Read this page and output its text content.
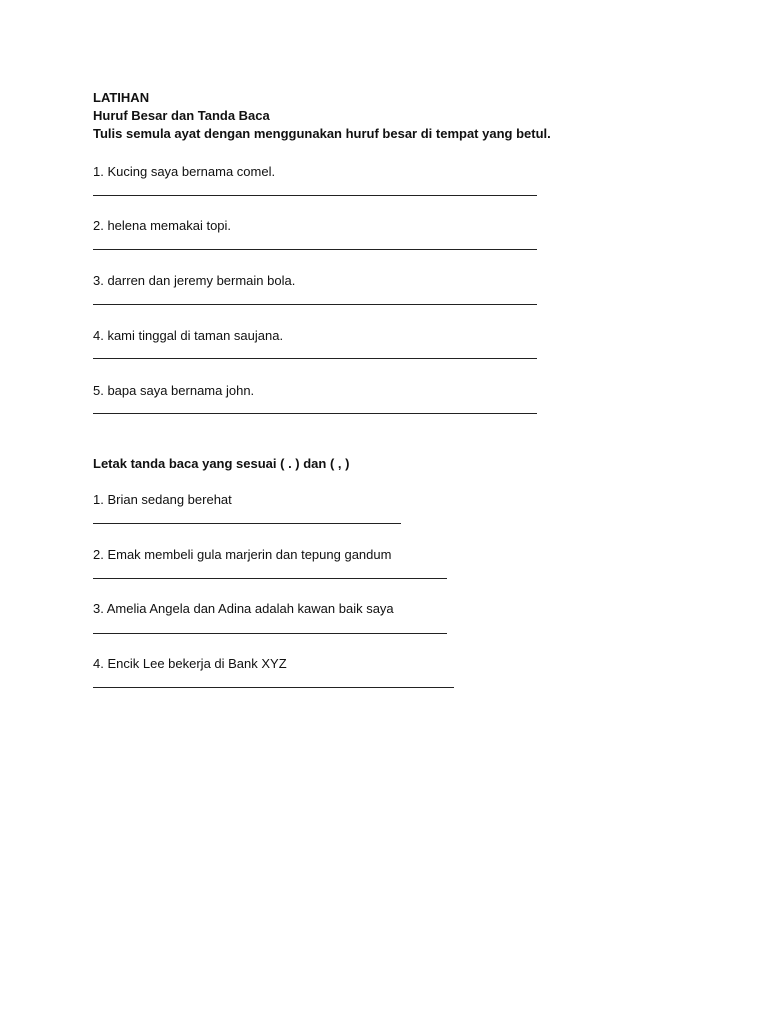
LATIHAN
Huruf Besar dan Tanda Baca
Tulis semula ayat dengan menggunakan huruf besar di tempat yang betul.
1. Kucing saya bernama comel.
2. helena memakai topi.
3. darren dan jeremy bermain bola.
4. kami tinggal di taman saujana.
5. bapa saya bernama john.
Letak tanda baca yang sesuai ( . ) dan ( , )
1. Brian sedang berehat
2. Emak membeli gula marjerin dan tepung gandum
3. Amelia Angela dan Adina adalah kawan baik saya
4. Encik Lee bekerja di Bank XYZ
